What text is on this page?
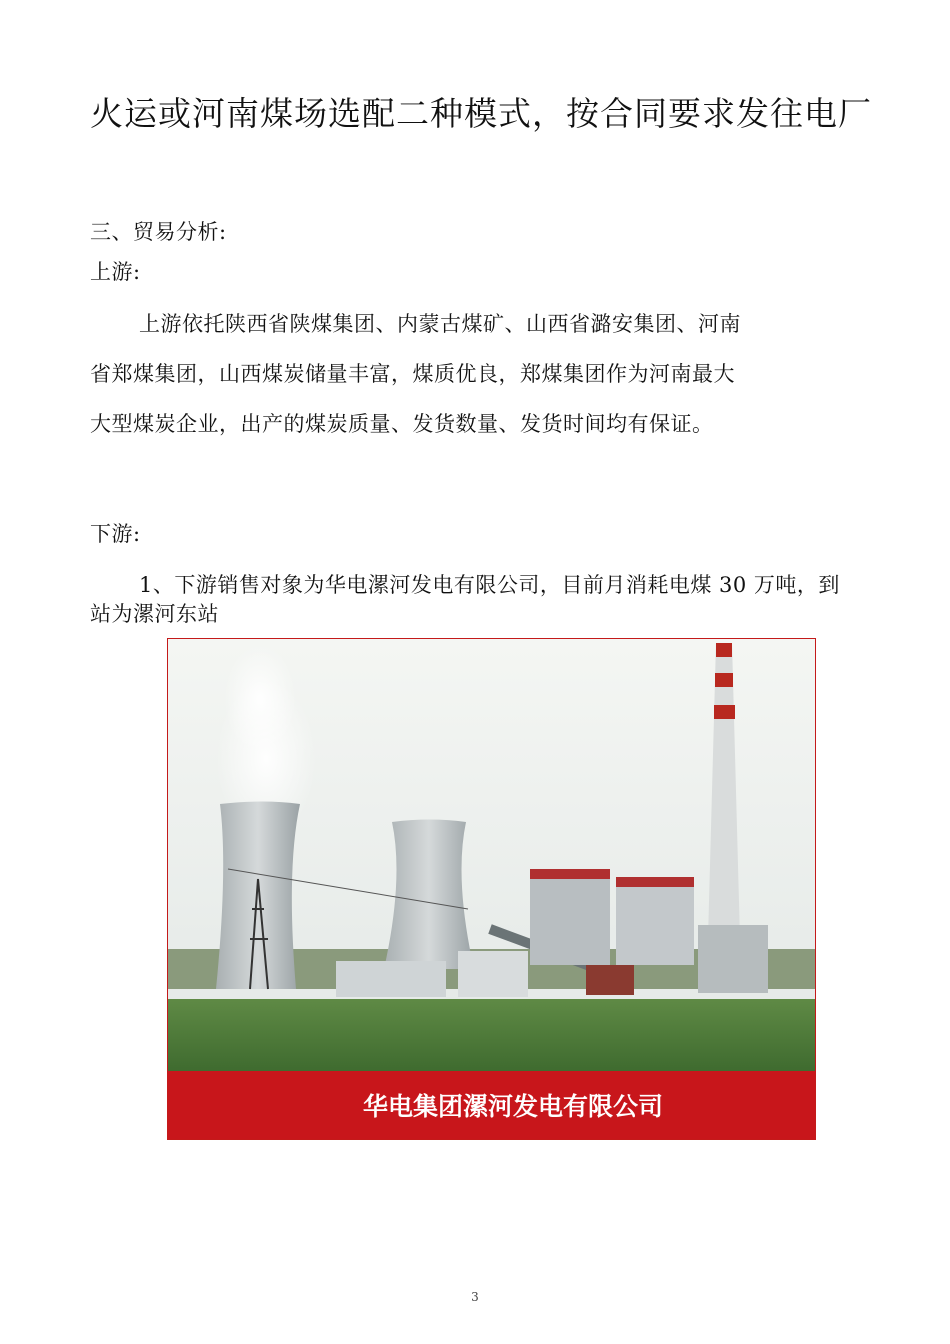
火运或河南煤场选配二种模式，按合同要求发往电厂
三、贸易分析:
上游:
上游依托陕西省陕煤集团、内蒙古煤矿、山西省潞安集团、河南
省郑煤集团，山西煤炭储量丰富，煤质优良，郑煤集团作为河南最大
大型煤炭企业，出产的煤炭质量、发货数量、发货时间均有保证。
下游:
1、下游销售对象为华电漯河发电有限公司，目前月消耗电煤 30 万吨，到
站为漯河东站
华电集团漯河发电有限公司
3
